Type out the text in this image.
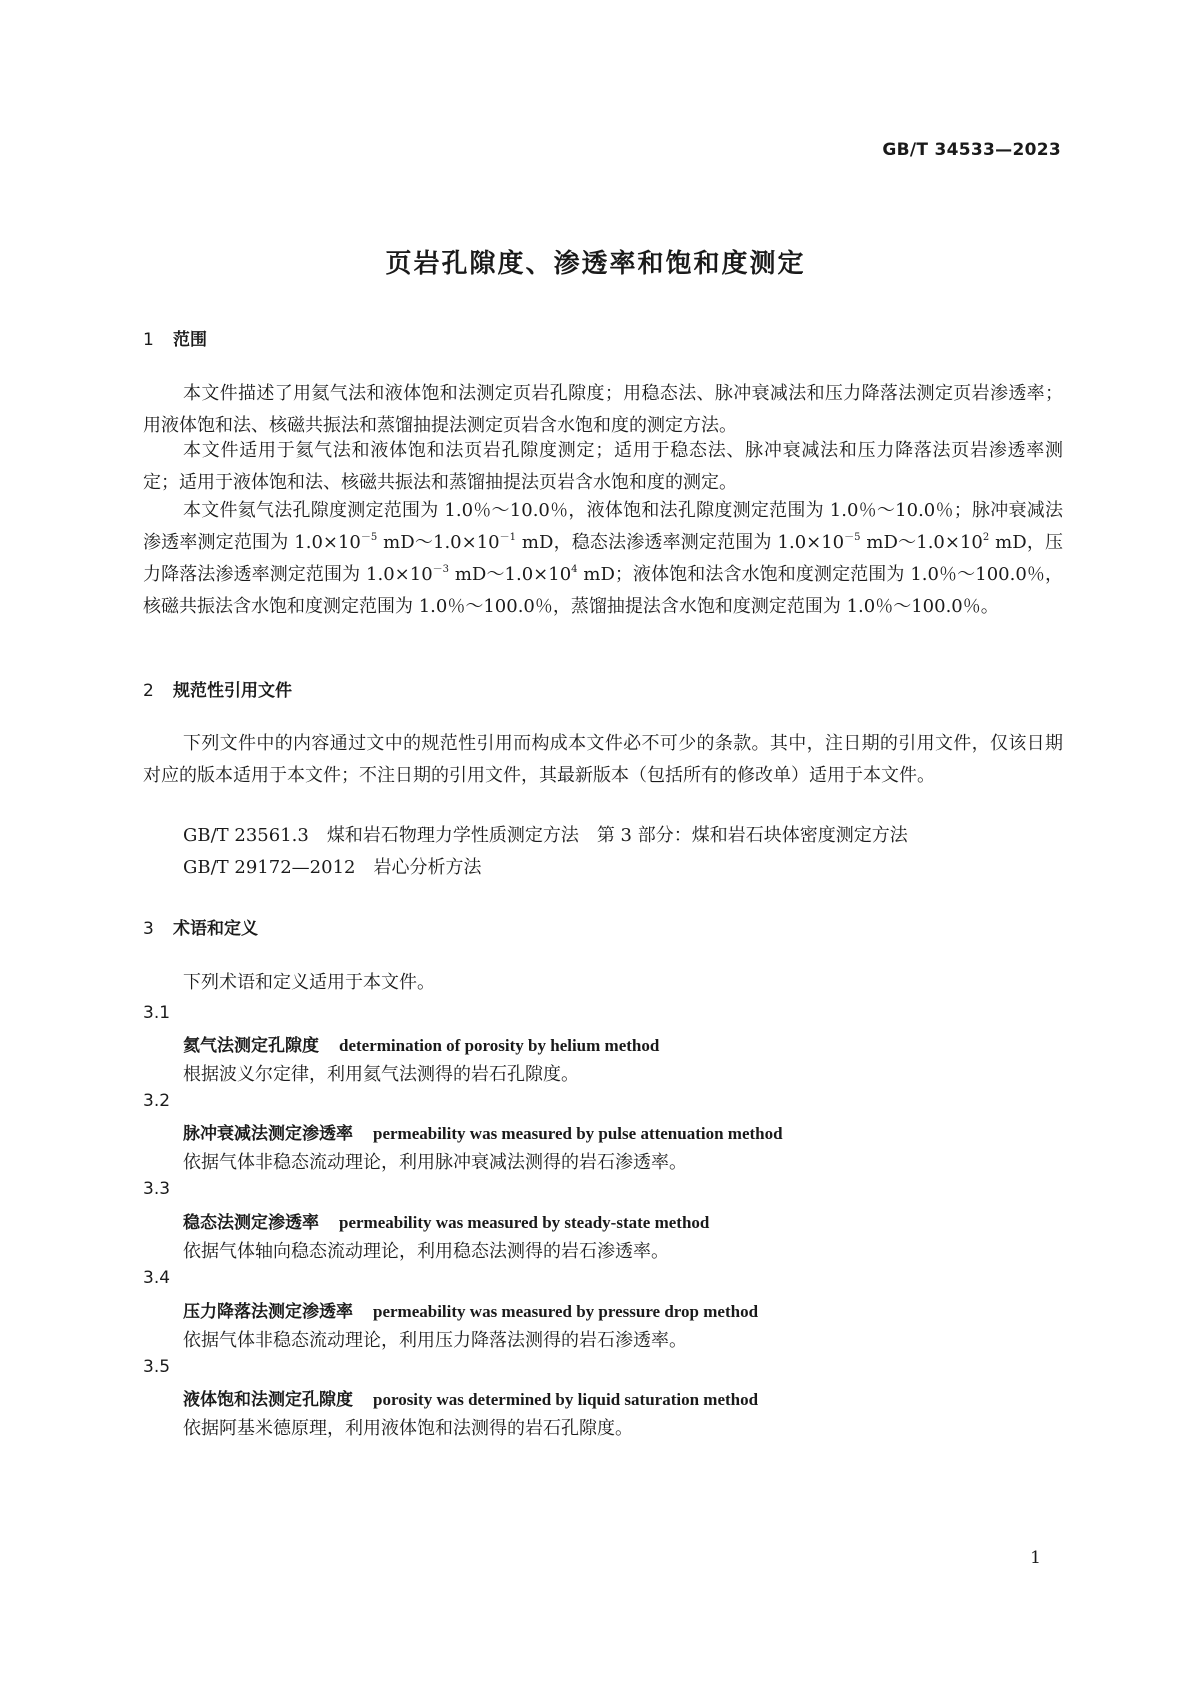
GB/T 34533—2023
页岩孔隙度、渗透率和饱和度测定
1 范围

本文件描述了用氦气法和液体饱和法测定页岩孔隙度；用稳态法、脉冲衰减法和压力降落法测定页岩渗透率；用液体饱和法、核磁共振法和蒸馏抽提法测定页岩含水饱和度的测定方法。

本文件适用于氦气法和液体饱和法页岩孔隙度测定；适用于稳态法、脉冲衰减法和压力降落法页岩渗透率测定；适用于液体饱和法、核磁共振法和蒸馏抽提法页岩含水饱和度的测定。

本文件氦气法孔隙度测定范围为 1.0％～10.0％，液体饱和法孔隙度测定范围为 1.0％～10.0％；脉冲衰减法渗透率测定范围为 $1.0\times 10^{-5}$ $mD\sim 1.0\times 10^{-1}$ mD，稳态法渗透率测定范围为 $1.0\times 10^{-5}$ $mD\sim 1.0\times 10^2$ mD，压力降落法渗透率测定范围为 $1.0\times 10^{-3}$ $mD\sim 1.0\times 10^4$ mD；液体饱和法含水饱和度测定范围为 1.0％～100.0％，核磁共振法含水饱和度测定范围为 1.0％～100.0％，蒸馏抽提法含水饱和度测定范围为 1.0％～100.0％。

2 规范性引用文件

下列文件中的内容通过文中的规范性引用而构成本文件必不可少的条款。其中，注日期的引用文件，仅该日期对应的版本适用于本文件；不注日期的引用文件，其最新版本（包括所有的修改单）适用于本文件。

GB/T 23561.3　煤和岩石物理力学性质测定方法　第 3 部分：煤和岩石块体密度测定方法
GB/T 29172—2012　岩心分析方法
3 术语和定义

下列术语和定义适用于本文件。

3.1
氦气法测定孔隙度 determination of porosity by helium method
根据波义尔定律，利用氦气法测得的岩石孔隙度。
3.2
脉冲衰减法测定渗透率 permeability was measured by pulse attenuation method
依据气体非稳态流动理论，利用脉冲衰减法测得的岩石渗透率。
3.3
稳态法测定渗透率 permeability was measured by steady-state method
依据气体轴向稳态流动理论，利用稳态法测得的岩石渗透率。
3.4
压力降落法测定渗透率 permeability was measured by pressure drop method
依据气体非稳态流动理论，利用压力降落法测得的岩石渗透率。
3.5
液体饱和法测定孔隙度 porosity was determined by liquid saturation method
依据阿基米德原理，利用液体饱和法测得的岩石孔隙度。
1
